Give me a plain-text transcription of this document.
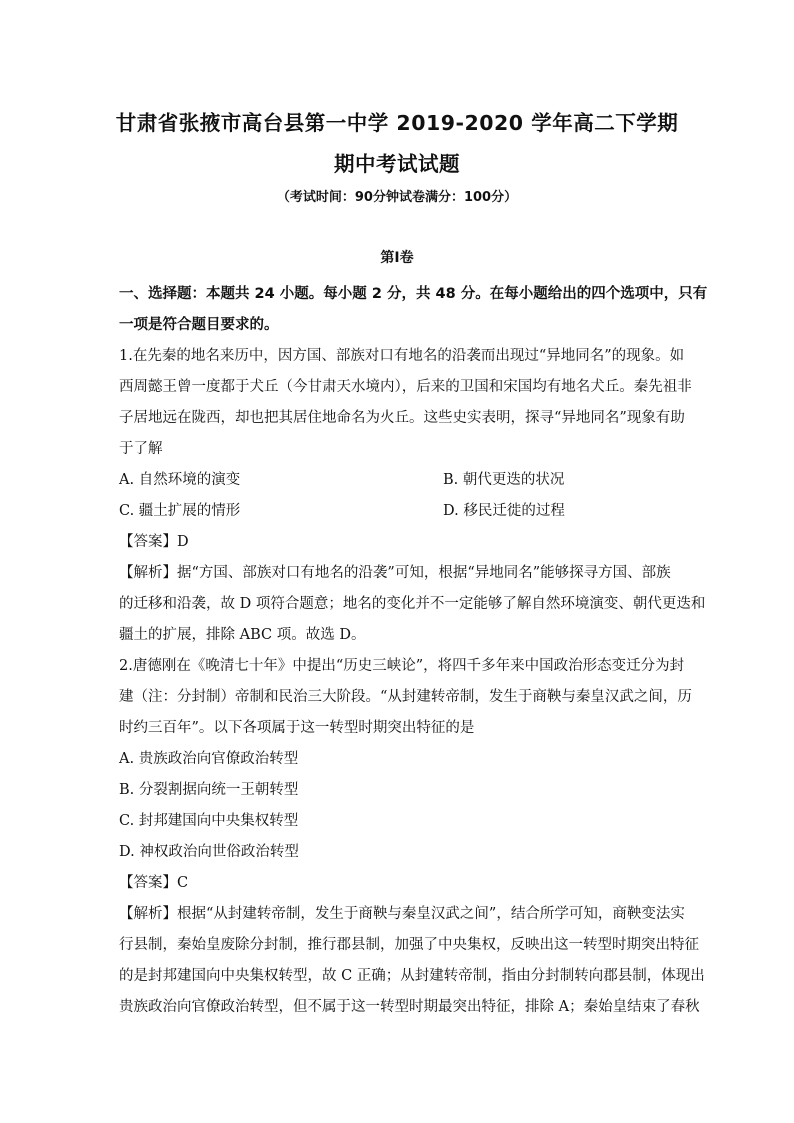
甘肃省张掖市高台县第一中学 2019-2020 学年高二下学期
期中考试试题
（考试时间：90分钟试卷满分：100分）
第Ⅰ卷
一、选择题：本题共 24 小题。每小题 2 分，共 48 分。在每小题给出的四个选项中，只有
一项是符合题目要求的。
1.在先秦的地名来历中，因方国、部族对口有地名的沿袭而出现过“异地同名”的现象。如
西周懿王曾一度都于犬丘（今甘肃天水境内），后来的卫国和宋国均有地名犬丘。秦先祖非
子居地远在陇西，却也把其居住地命名为火丘。这些史实表明，探寻“异地同名”现象有助
于了解
A. 自然环境的演变	B. 朝代更迭的状况
C. 疆土扩展的情形	D. 移民迁徙的过程
【答案】D
【解析】据“方国、部族对口有地名的沿袭”可知，根据“异地同名”能够探寻方国、部族
的迁移和沿袭，故 D 项符合题意；地名的变化并不一定能够了解自然环境演变、朝代更迭和
疆土的扩展，排除 ABC 项。故选 D。
2.唐德刚在《晚清七十年》中提出“历史三峡论”，将四千多年来中国政治形态变迁分为封
建（注：分封制）帝制和民治三大阶段。“从封建转帝制，发生于商鞅与秦皇汉武之间，历
时约三百年”。以下各项属于这一转型时期突出特征的是
A. 贵族政治向官僚政治转型
B. 分裂割据向统一王朝转型
C. 封邦建国向中央集权转型
D. 神权政治向世俗政治转型
【答案】C
【解析】根据“从封建转帝制，发生于商鞅与秦皇汉武之间”，结合所学可知，商鞅变法实
行县制，秦始皇废除分封制，推行郡县制，加强了中央集权，反映出这一转型时期突出特征
的是封邦建国向中央集权转型，故 C 正确；从封建转帝制，指由分封制转向郡县制，体现出
贵族政治向官僚政治转型，但不属于这一转型时期最突出特征，排除 A；秦始皇结束了春秋
